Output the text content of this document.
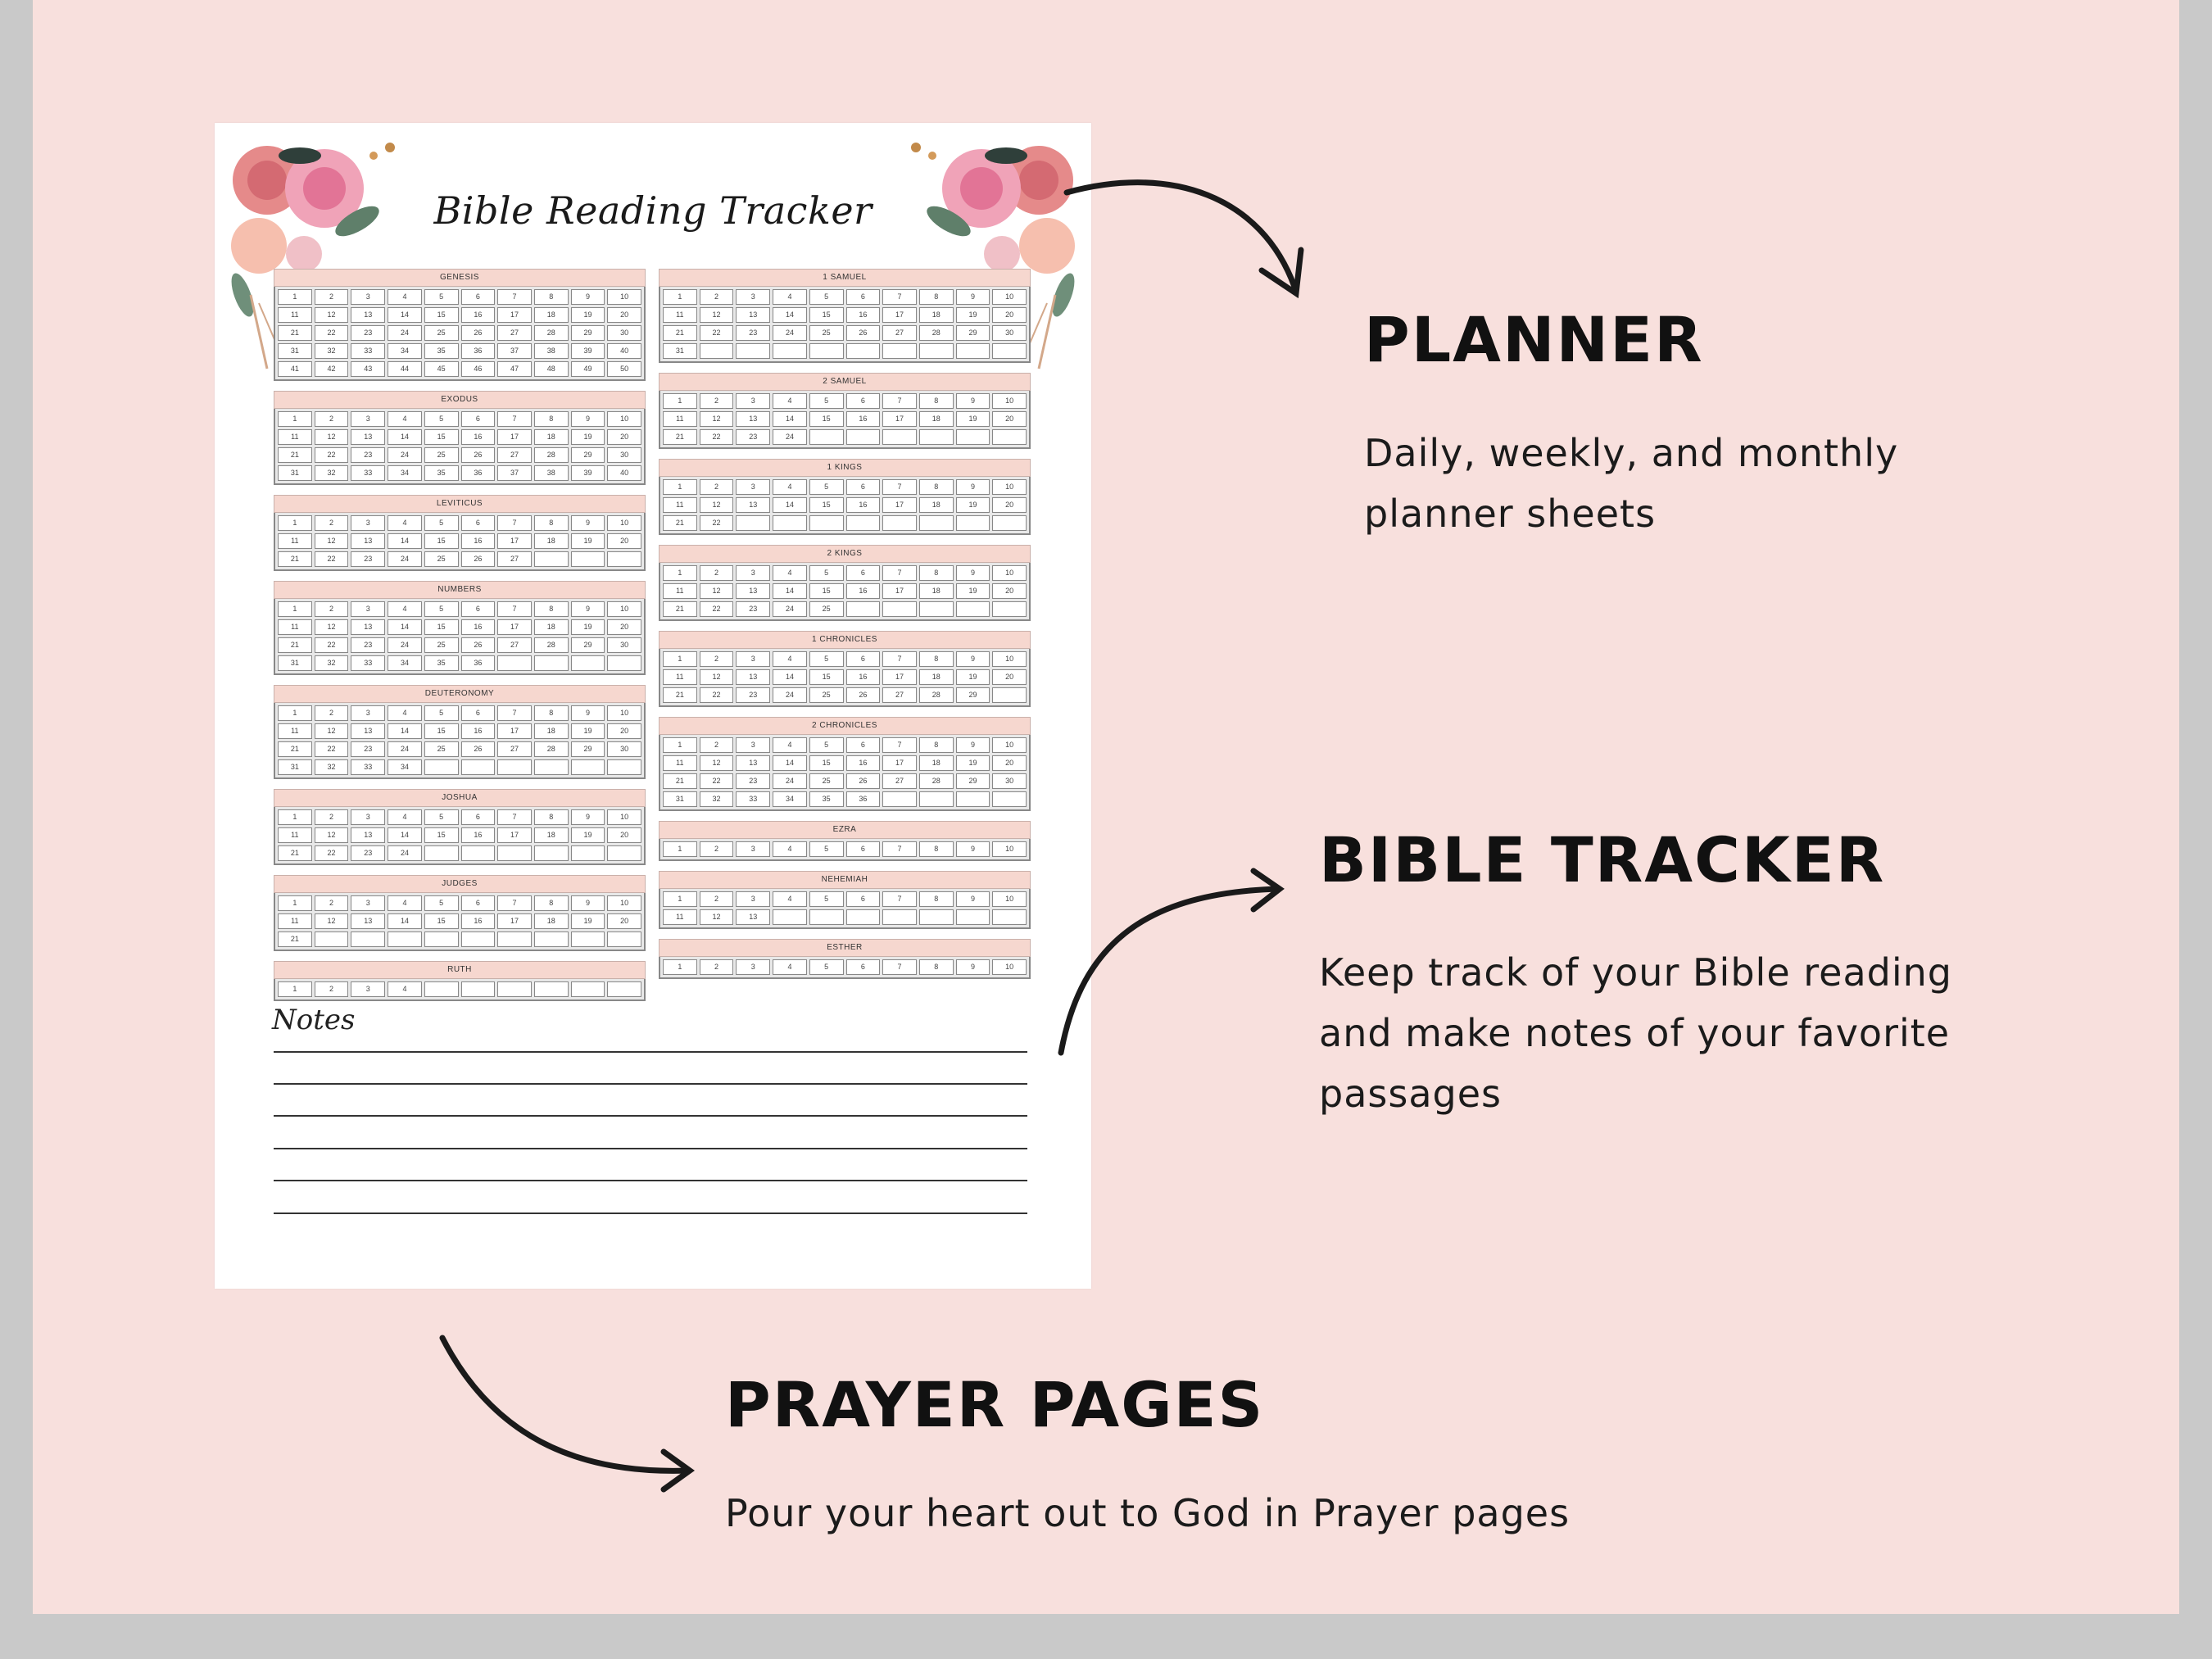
Bible Reading Tracker
GENESIS
1	2	3	4	5	6	7	8	9	10
11	12	13	14	15	16	17	18	19	20
21	22	23	24	25	26	27	28	29	30
31	32	33	34	35	36	37	38	39	40
41	42	43	44	45	46	47	48	49	50
EXODUS
1	2	3	4	5	6	7	8	9	10
11	12	13	14	15	16	17	18	19	20
21	22	23	24	25	26	27	28	29	30
31	32	33	34	35	36	37	38	39	40
LEVITICUS
1	2	3	4	5	6	7	8	9	10
11	12	13	14	15	16	17	18	19	20
21	22	23	24	25	26	27
NUMBERS
1	2	3	4	5	6	7	8	9	10
11	12	13	14	15	16	17	18	19	20
21	22	23	24	25	26	27	28	29	30
31	32	33	34	35	36
DEUTERONOMY
1	2	3	4	5	6	7	8	9	10
11	12	13	14	15	16	17	18	19	20
21	22	23	24	25	26	27	28	29	30
31	32	33	34
JOSHUA
1	2	3	4	5	6	7	8	9	10
11	12	13	14	15	16	17	18	19	20
21	22	23	24
JUDGES
1	2	3	4	5	6	7	8	9	10
11	12	13	14	15	16	17	18	19	20
21
RUTH
1	2	3	4
1 SAMUEL
1	2	3	4	5	6	7	8	9	10
11	12	13	14	15	16	17	18	19	20
21	22	23	24	25	26	27	28	29	30
31
2 SAMUEL
1	2	3	4	5	6	7	8	9	10
11	12	13	14	15	16	17	18	19	20
21	22	23	24
1 KINGS
1	2	3	4	5	6	7	8	9	10
11	12	13	14	15	16	17	18	19	20
21	22
2 KINGS
1	2	3	4	5	6	7	8	9	10
11	12	13	14	15	16	17	18	19	20
21	22	23	24	25
1 CHRONICLES
1	2	3	4	5	6	7	8	9	10
11	12	13	14	15	16	17	18	19	20
21	22	23	24	25	26	27	28	29
2 CHRONICLES
1	2	3	4	5	6	7	8	9	10
11	12	13	14	15	16	17	18	19	20
21	22	23	24	25	26	27	28	29	30
31	32	33	34	35	36
EZRA
1	2	3	4	5	6	7	8	9	10
NEHEMIAH
1	2	3	4	5	6	7	8	9	10
11	12	13
ESTHER
1	2	3	4	5	6	7	8	9	10
Notes
PLANNER
Daily, weekly, and monthly
planner sheets
BIBLE TRACKER
Keep track of your Bible reading
and make notes of your favorite
passages
PRAYER PAGES
Pour your heart out to God in Prayer pages
